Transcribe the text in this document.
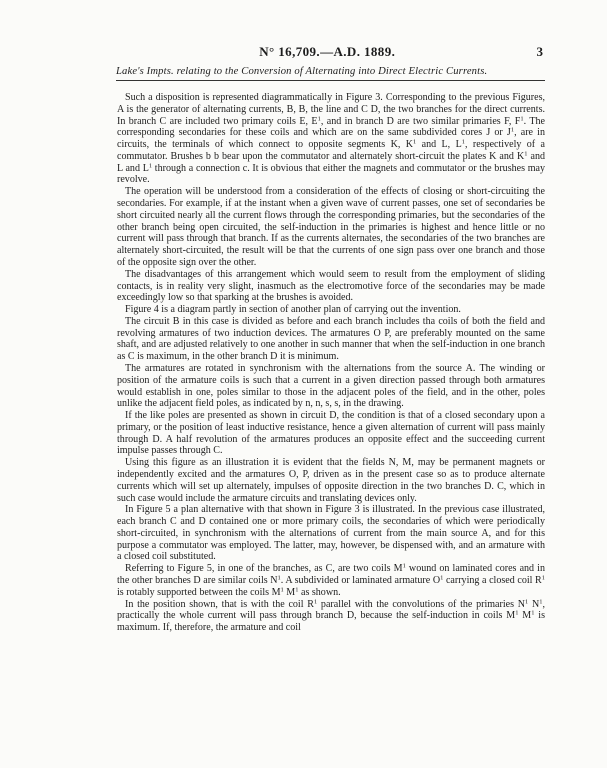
N° 16,709.—A.D. 1889.	3
Lake's Impts. relating to the Conversion of Alternating into Direct Electric Currents.

Such a disposition is represented diagrammatically in Figure 3. Corresponding to the previous Figures, A is the generator of alternating currents, B, B, the line and C D, the two branches for the direct currents. In branch C are included two primary coils E, $E^1$, and in branch D are two similar primaries F, $F^1$. The corresponding secondaries for these coils and which are on the same subdivided cores J or $J^1$, are in circuits, the terminals of which connect to opposite segments K, $K^1$ and L, $L^1$, respectively of a commutator. Brushes b b bear upon the commutator and alternately short-circuit the plates K and $K^1$ and L and $L^1$ through a connection c. It is obvious that either the magnets and commutator or the brushes may revolve.

The operation will be understood from a consideration of the effects of closing or short-circuiting the secondaries. For example, if at the instant when a given wave of current passes, one set of secondaries be short circuited nearly all the current flows through the corresponding primaries, but the secondaries of the other branch being open circuited, the self-induction in the primaries is highest and hence little or no current will pass through that branch. If as the currents alternates, the secondaries of the two branches are alternately short-circuited, the result will be that the currents of one sign pass over one branch and those of the opposite sign over the other.

The disadvantages of this arrangement which would seem to result from the employment of sliding contacts, is in reality very slight, inasmuch as the electromotive force of the secondaries may be made exceedingly low so that sparking at the brushes is avoided.

Figure 4 is a diagram partly in section of another plan of carrying out the invention.

The circuit B in this case is divided as before and each branch includes tha coils of both the field and revolving armatures of two induction devices. The armatures O P, are preferably mounted on the same shaft, and are adjusted relatively to one another in such manner that when the self-induction in one branch as C is maximum, in the other branch D it is minimum.

The armatures are rotated in synchronism with the alternations from the source A. The winding or position of the armature coils is such that a current in a given direction passed through both armatures would establish in one, poles similar to those in the adjacent poles of the field, and in the other, poles unlike the adjacent field poles, as indicated by n, n, s, s, in the drawing.

If the like poles are presented as shown in circuit D, the condition is that of a closed secondary upon a primary, or the position of least inductive resistance, hence a given alternation of current will pass mainly through D. A half revolution of the armatures produces an opposite effect and the succeeding current impulse passes through C.

Using this figure as an illustration it is evident that the fields N, M, may be permanent magnets or independently excited and the armatures O, P, driven as in the present case so as to produce alternate currents which will set up alternately, impulses of opposite direction in the two branches D. C, which in such case would include the armature circuits and translating devices only.

In Figure 5 a plan alternative with that shown in Figure 3 is illustrated. In the previous case illustrated, each branch C and D contained one or more primary coils, the secondaries of which were periodically short-circuited, in synchronism with the alternations of current from the main source A, and for this purpose a commutator was employed. The latter, may, however, be dispensed with, and an armature with a closed coil substituted.

Referring to Figure 5, in one of the branches, as C, are two coils $M^1$ wound on laminated cores and in the other branches D are similar coils $N^1$. A subdivided or laminated armature $O^1$ carrying a closed coil $R^1$ is rotably supported between the coils $M^1$ $M^1$ as shown.

In the position shown, that is with the coil $R^1$ parallel with the convolutions of the primaries $N^1$ $N^1$, practically the whole current will pass through branch D, because the self-induction in coils $M^1$ $M^1$ is maximum. If, therefore, the armature and coil
